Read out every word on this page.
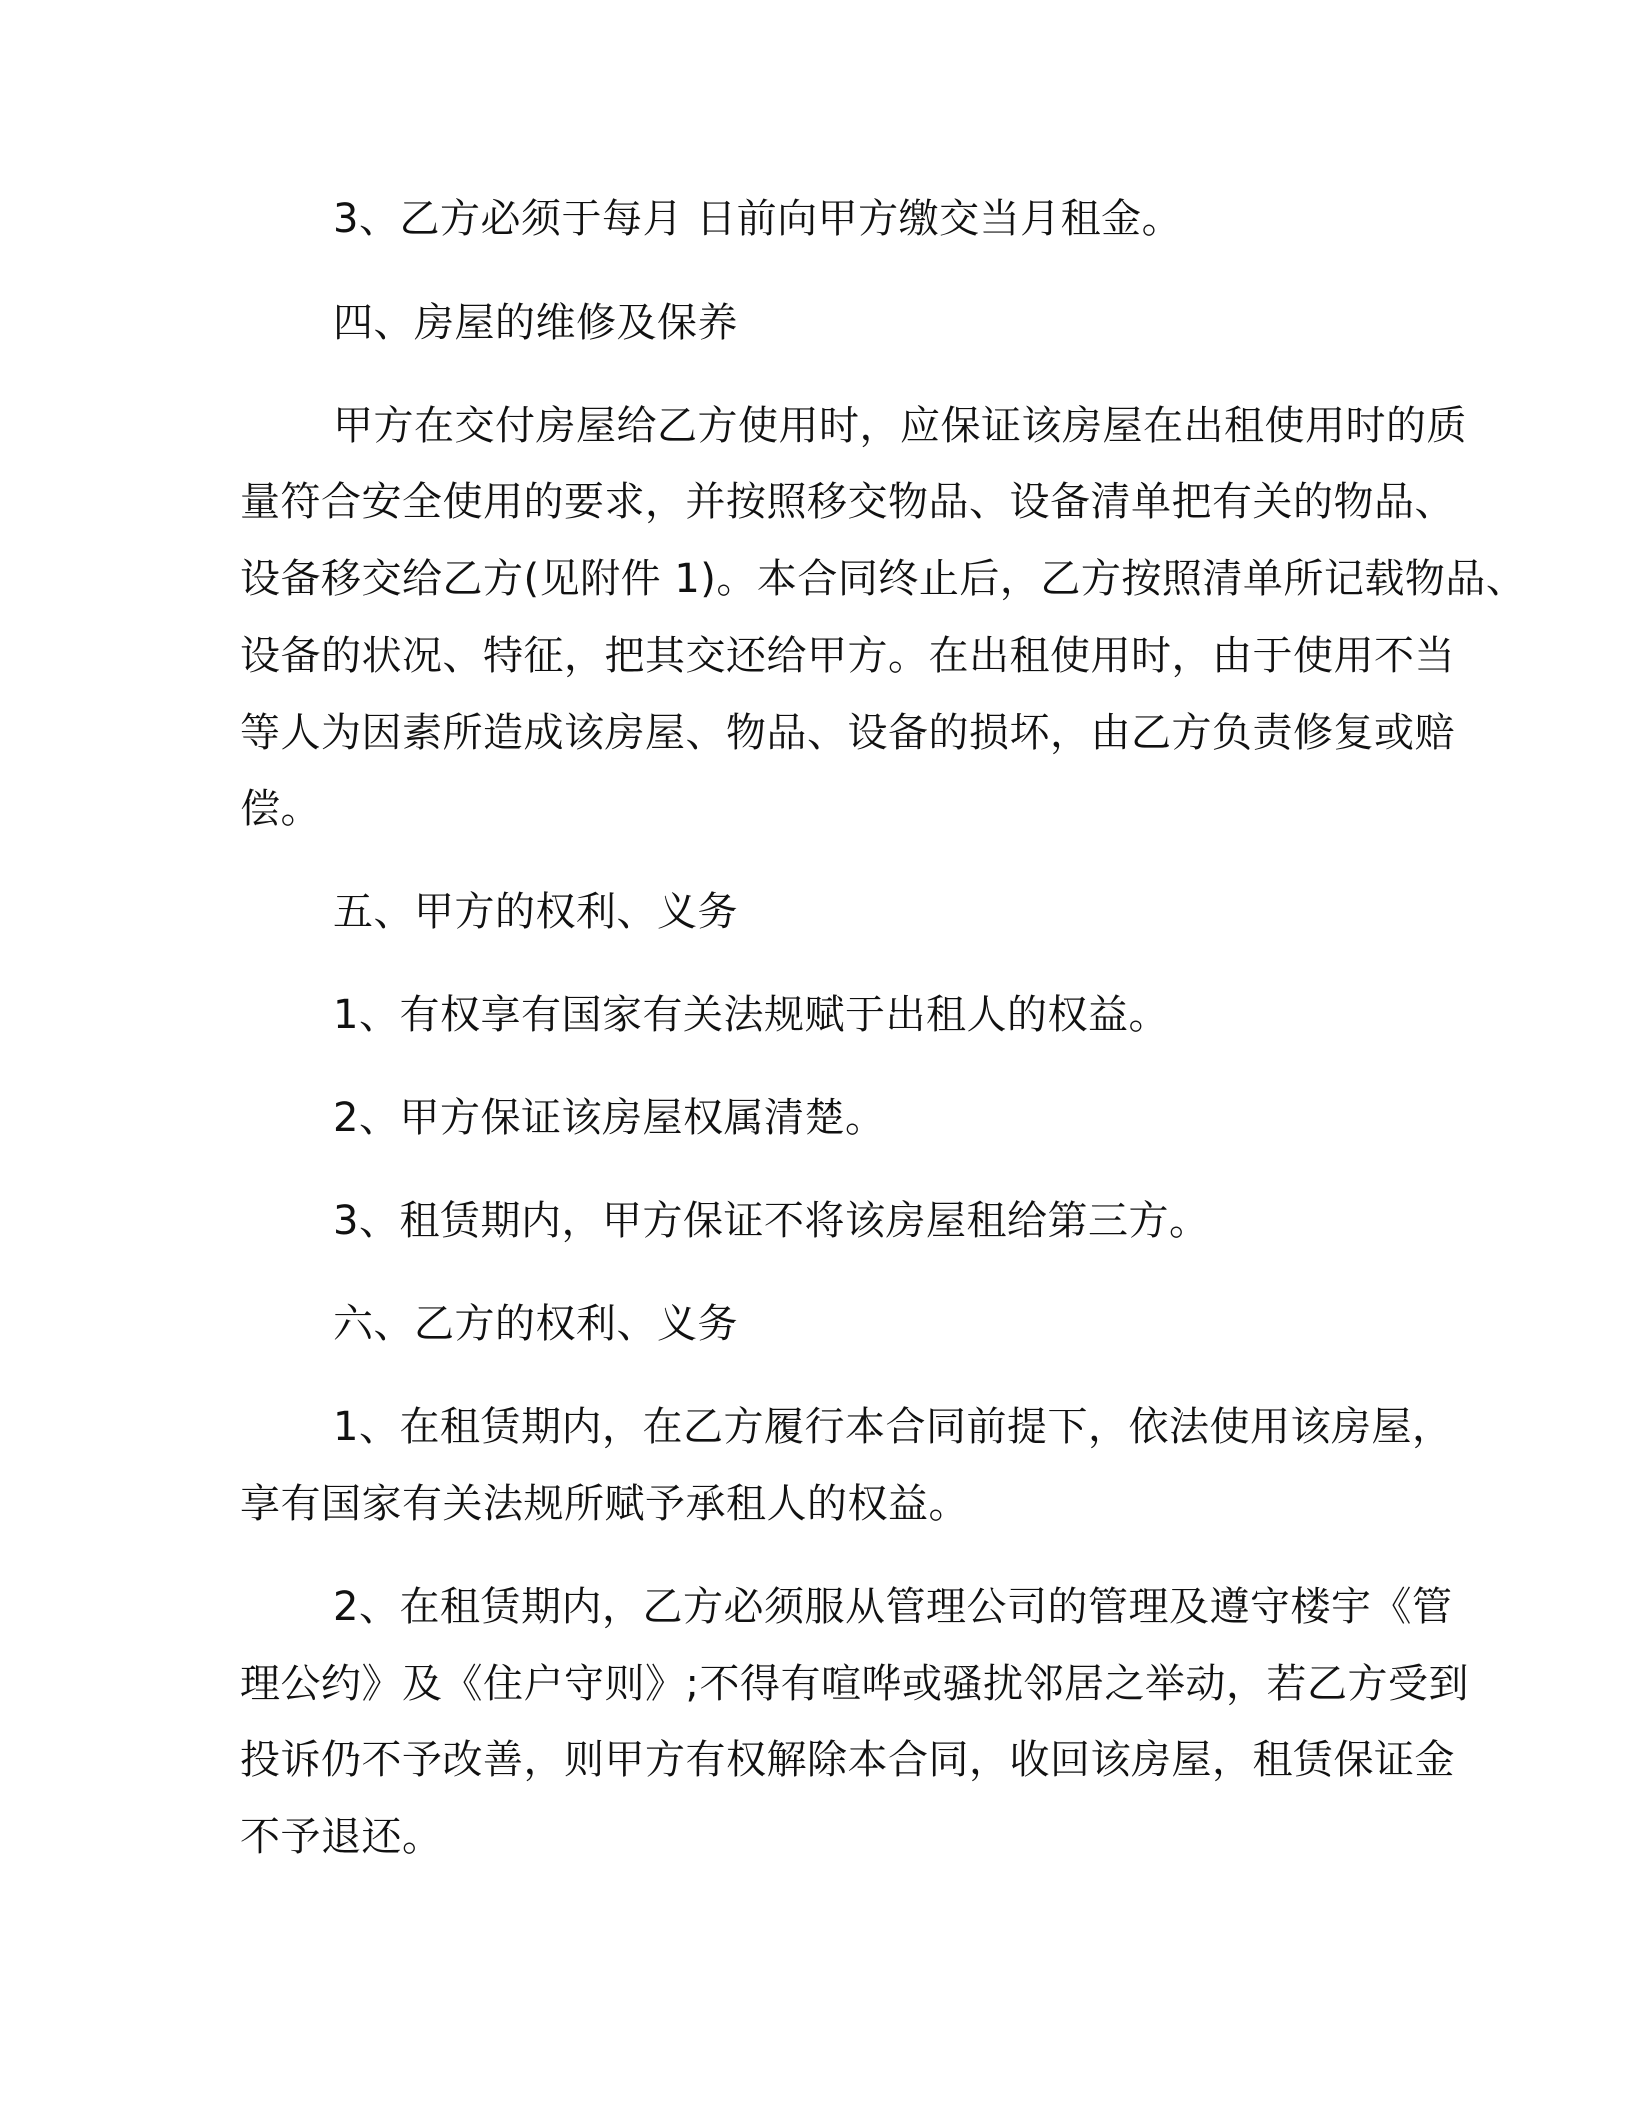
3、乙方必须于每月 日前向甲方缴交当月租金。
四、房屋的维修及保养
甲方在交付房屋给乙方使用时，应保证该房屋在出租使用时的质
量符合安全使用的要求，并按照移交物品、设备清单把有关的物品、
设备移交给乙方(见附件 1)。本合同终止后，乙方按照清单所记载物品、
设备的状况、特征，把其交还给甲方。在出租使用时，由于使用不当
等人为因素所造成该房屋、物品、设备的损坏，由乙方负责修复或赔
偿。
五、甲方的权利、义务
1、有权享有国家有关法规赋于出租人的权益。
2、甲方保证该房屋权属清楚。
3、租赁期内，甲方保证不将该房屋租给第三方。
六、乙方的权利、义务
1、在租赁期内，在乙方履行本合同前提下，依法使用该房屋，
享有国家有关法规所赋予承租人的权益。
2、在租赁期内，乙方必须服从管理公司的管理及遵守楼宇《管
理公约》及《住户守则》;不得有喧哗或骚扰邻居之举动，若乙方受到
投诉仍不予改善，则甲方有权解除本合同，收回该房屋，租赁保证金
不予退还。
